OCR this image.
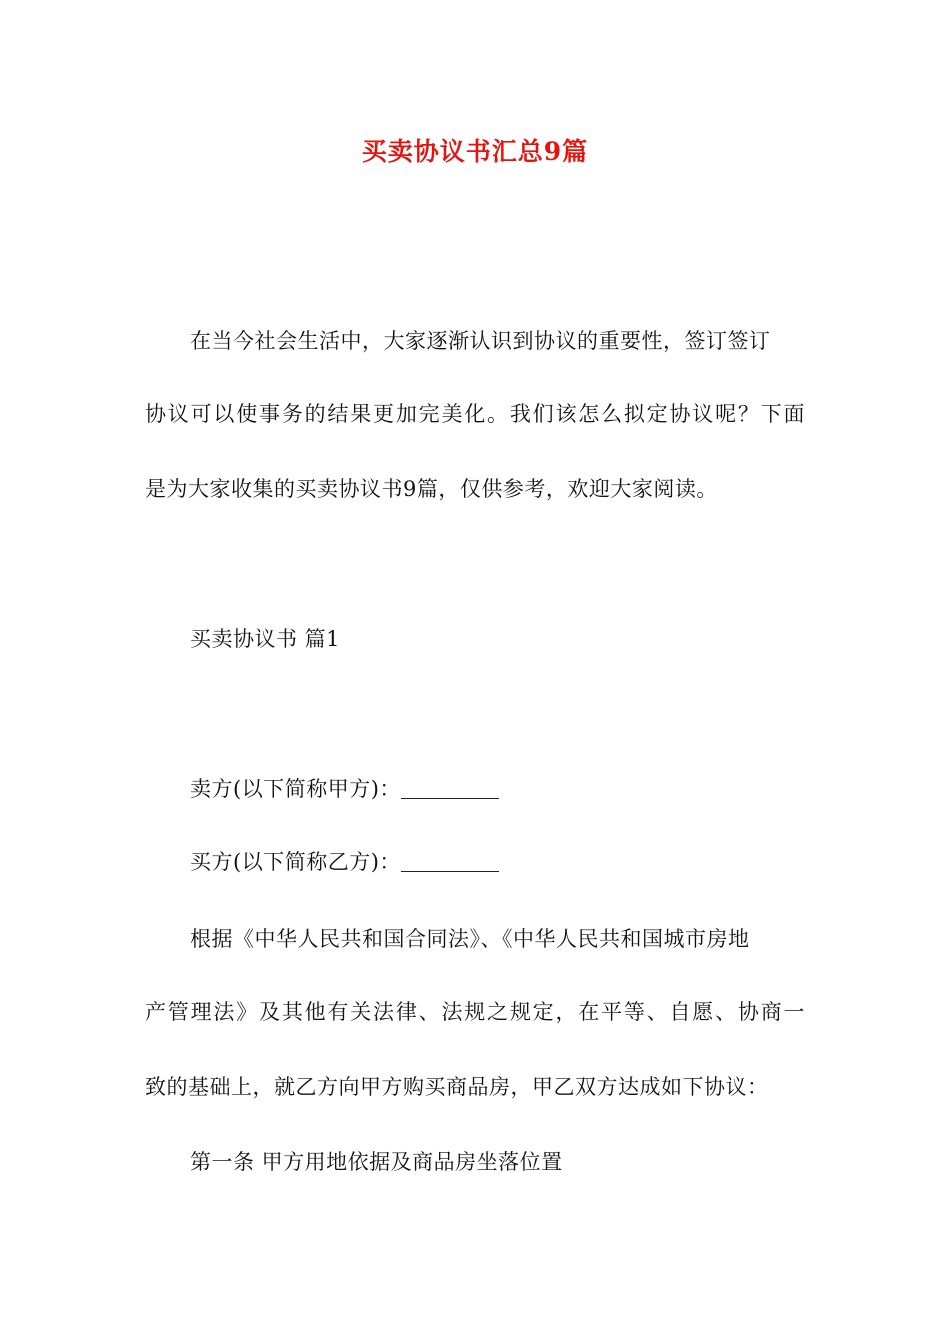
买卖协议书汇总9篇
在当今社会生活中，大家逐渐认识到协议的重要性，签订签订
协议可以使事务的结果更加完美化。我们该怎么拟定协议呢？下面
是为大家收集的买卖协议书9篇，仅供参考，欢迎大家阅读。
买卖协议书 篇1
卖方(以下简称甲方)：
买方(以下简称乙方)：
根据《中华人民共和国合同法》、《中华人民共和国城市房地
产管理法》及其他有关法律、法规之规定，在平等、自愿、协商一
致的基础上，就乙方向甲方购买商品房，甲乙双方达成如下协议：
第一条 甲方用地依据及商品房坐落位置
